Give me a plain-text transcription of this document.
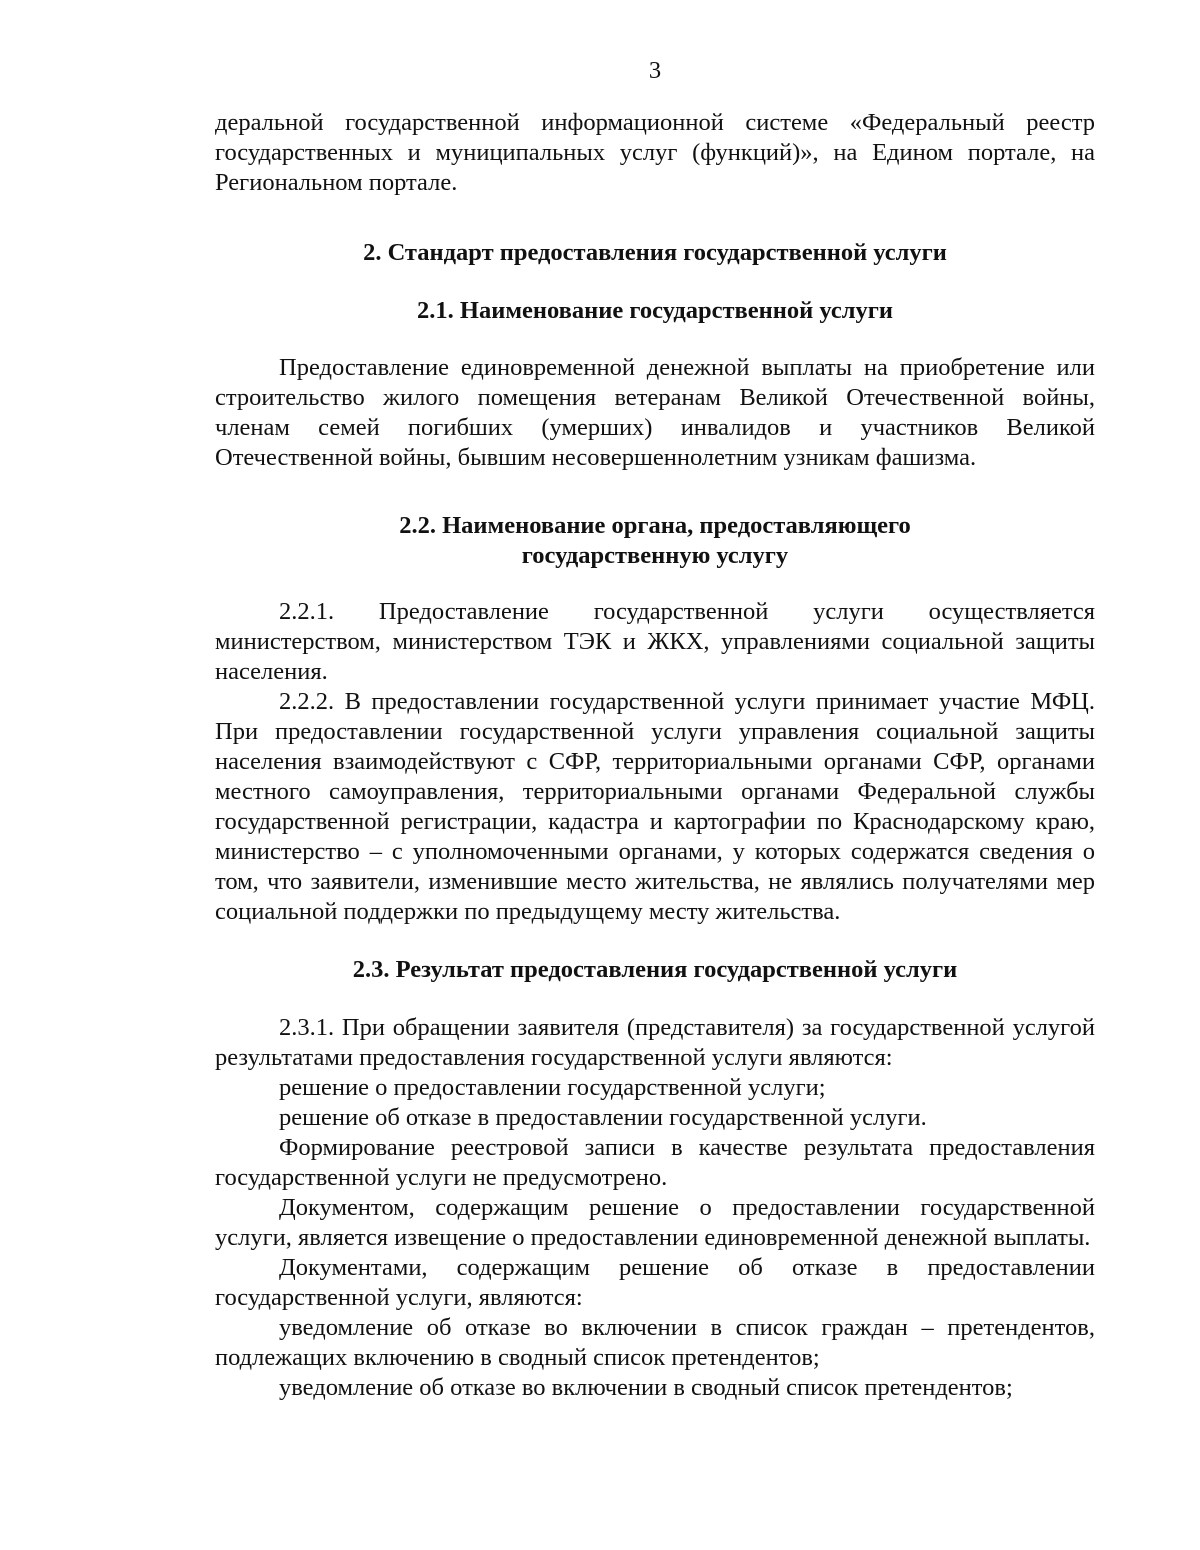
3

деральной государственной информационной системе «Федеральный реестр государственных и муниципальных услуг (функций)», на Едином портале, на Региональном портале.

2. Стандарт предоставления государственной услуги
2.1. Наименование государственной услуги

Предоставление единовременной денежной выплаты на приобретение или строительство жилого помещения ветеранам Великой Отечественной войны, членам семей погибших (умерших) инвалидов и участников Великой Отечественной войны, бывшим несовершеннолетним узникам фашизма.

2.2. Наименование органа, предоставляющего
государственную услугу

2.2.1. Предоставление государственной услуги осуществляется министерством, министерством ТЭК и ЖКХ, управлениями социальной защиты населения.

2.2.2. В предоставлении государственной услуги принимает участие МФЦ. При предоставлении государственной услуги управления социальной защиты населения взаимодействуют с СФР, территориальными органами СФР, органами местного самоуправления, территориальными органами Федеральной службы государственной регистрации, кадастра и картографии по Краснодарскому краю, министерство – с уполномоченными органами, у которых содержатся сведения о том, что заявители, изменившие место жительства, не являлись получателями мер социальной поддержки по предыдущему месту жительства.

2.3. Результат предоставления государственной услуги

2.3.1. При обращении заявителя (представителя) за государственной услугой результатами предоставления государственной услуги являются:

решение о предоставлении государственной услуги;

решение об отказе в предоставлении государственной услуги.

Формирование реестровой записи в качестве результата предоставления государственной услуги не предусмотрено.

Документом, содержащим решение о предоставлении государственной услуги, является извещение о предоставлении единовременной денежной выплаты.

Документами, содержащим решение об отказе в предоставлении государственной услуги, являются:

уведомление об отказе во включении в список граждан – претендентов, подлежащих включению в сводный список претендентов;

уведомление об отказе во включении в сводный список претендентов;
